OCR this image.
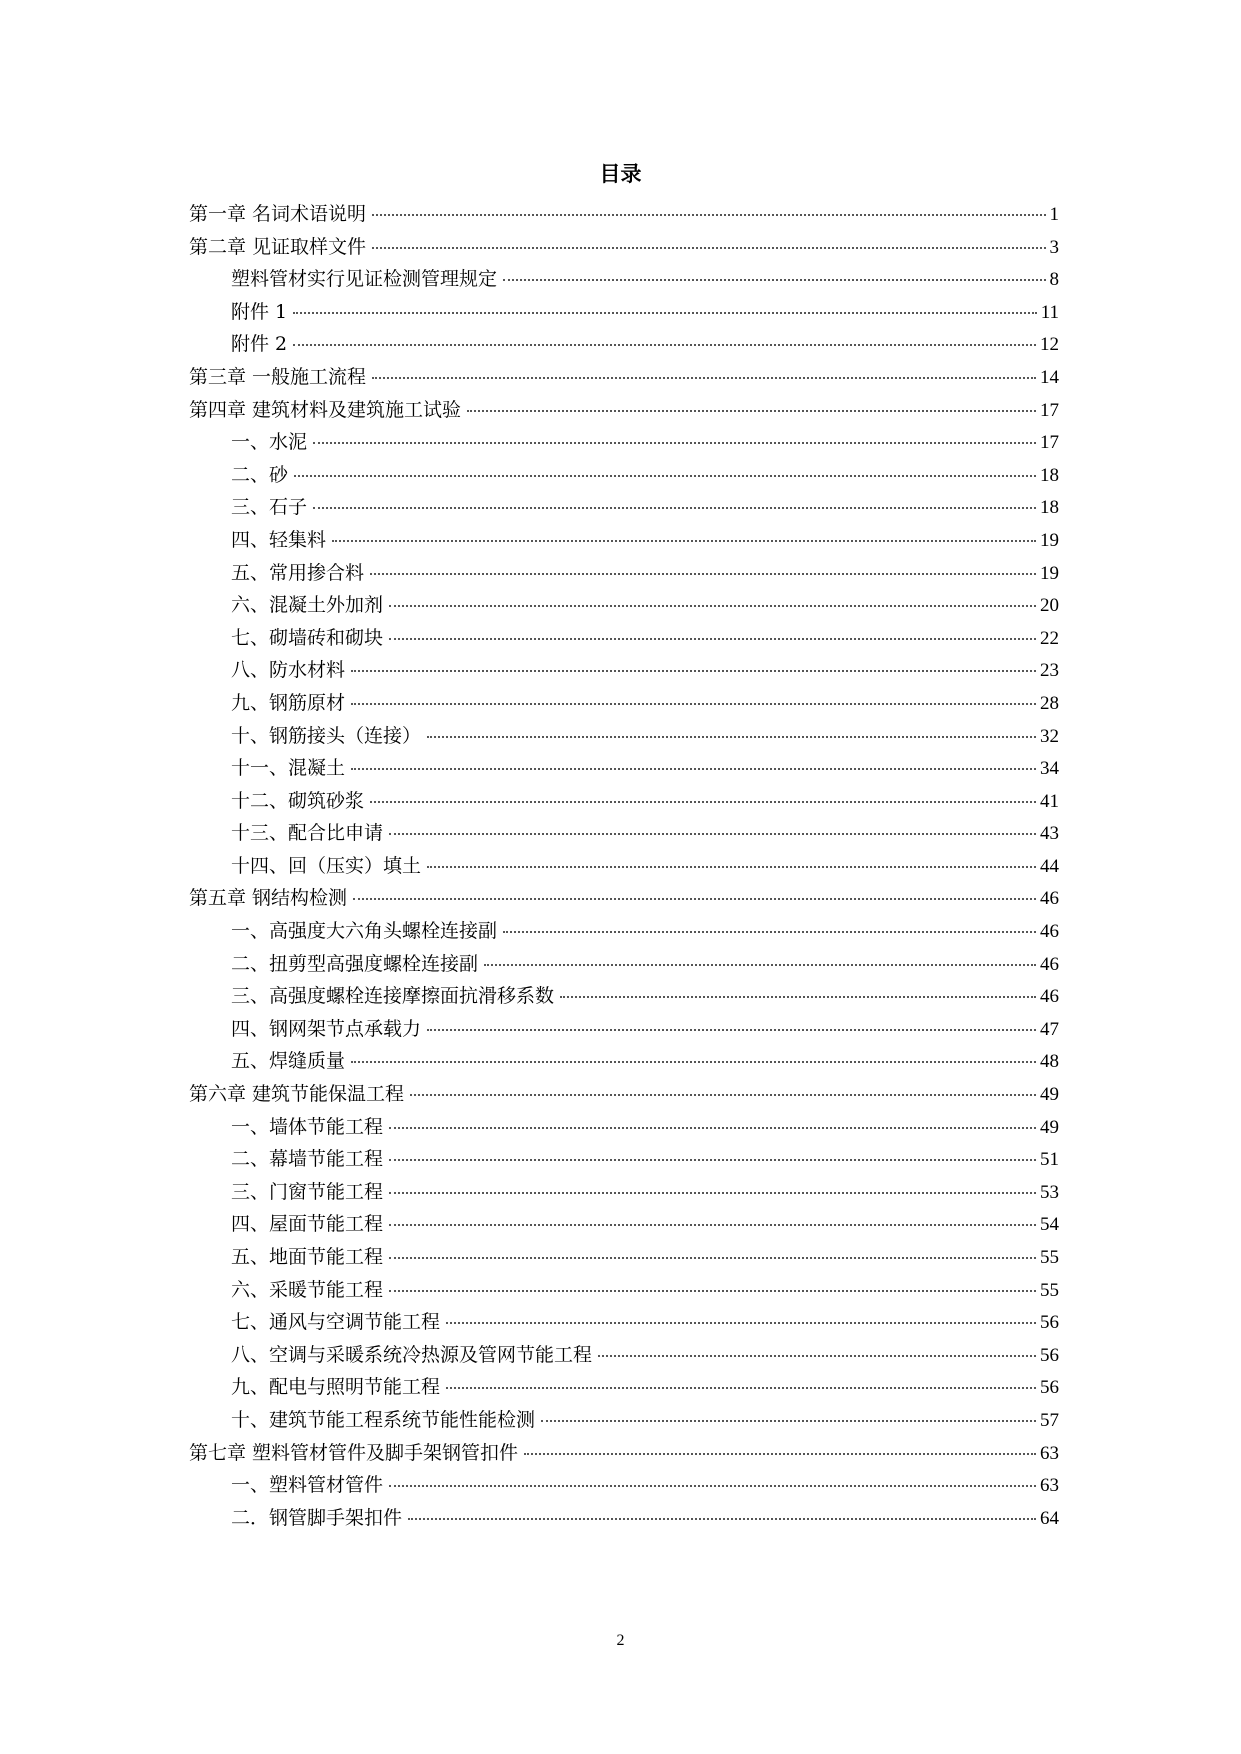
目录
第一章 名词术语说明	1
第二章 见证取样文件	3
塑料管材实行见证检测管理规定	8
附件 1	11
附件 2	12
第三章 一般施工流程	14
第四章 建筑材料及建筑施工试验	17
一、水泥	17
二、砂	18
三、石子	18
四、轻集料	19
五、常用掺合料	19
六、混凝土外加剂	20
七、砌墙砖和砌块	22
八、防水材料	23
九、钢筋原材	28
十、钢筋接头（连接）	32
十一、混凝土	34
十二、砌筑砂浆	41
十三、配合比申请	43
十四、回（压实）填土	44
第五章 钢结构检测	46
一、高强度大六角头螺栓连接副	46
二、扭剪型高强度螺栓连接副	46
三、高强度螺栓连接摩擦面抗滑移系数	46
四、钢网架节点承载力	47
五、焊缝质量	48
第六章 建筑节能保温工程	49
一、墙体节能工程	49
二、幕墙节能工程	51
三、门窗节能工程	53
四、屋面节能工程	54
五、地面节能工程	55
六、采暖节能工程	55
七、通风与空调节能工程	56
八、空调与采暖系统冷热源及管网节能工程	56
九、配电与照明节能工程	56
十、建筑节能工程系统节能性能检测	57
第七章 塑料管材管件及脚手架钢管扣件	63
一、塑料管材管件	63
二．钢管脚手架扣件	64
2
